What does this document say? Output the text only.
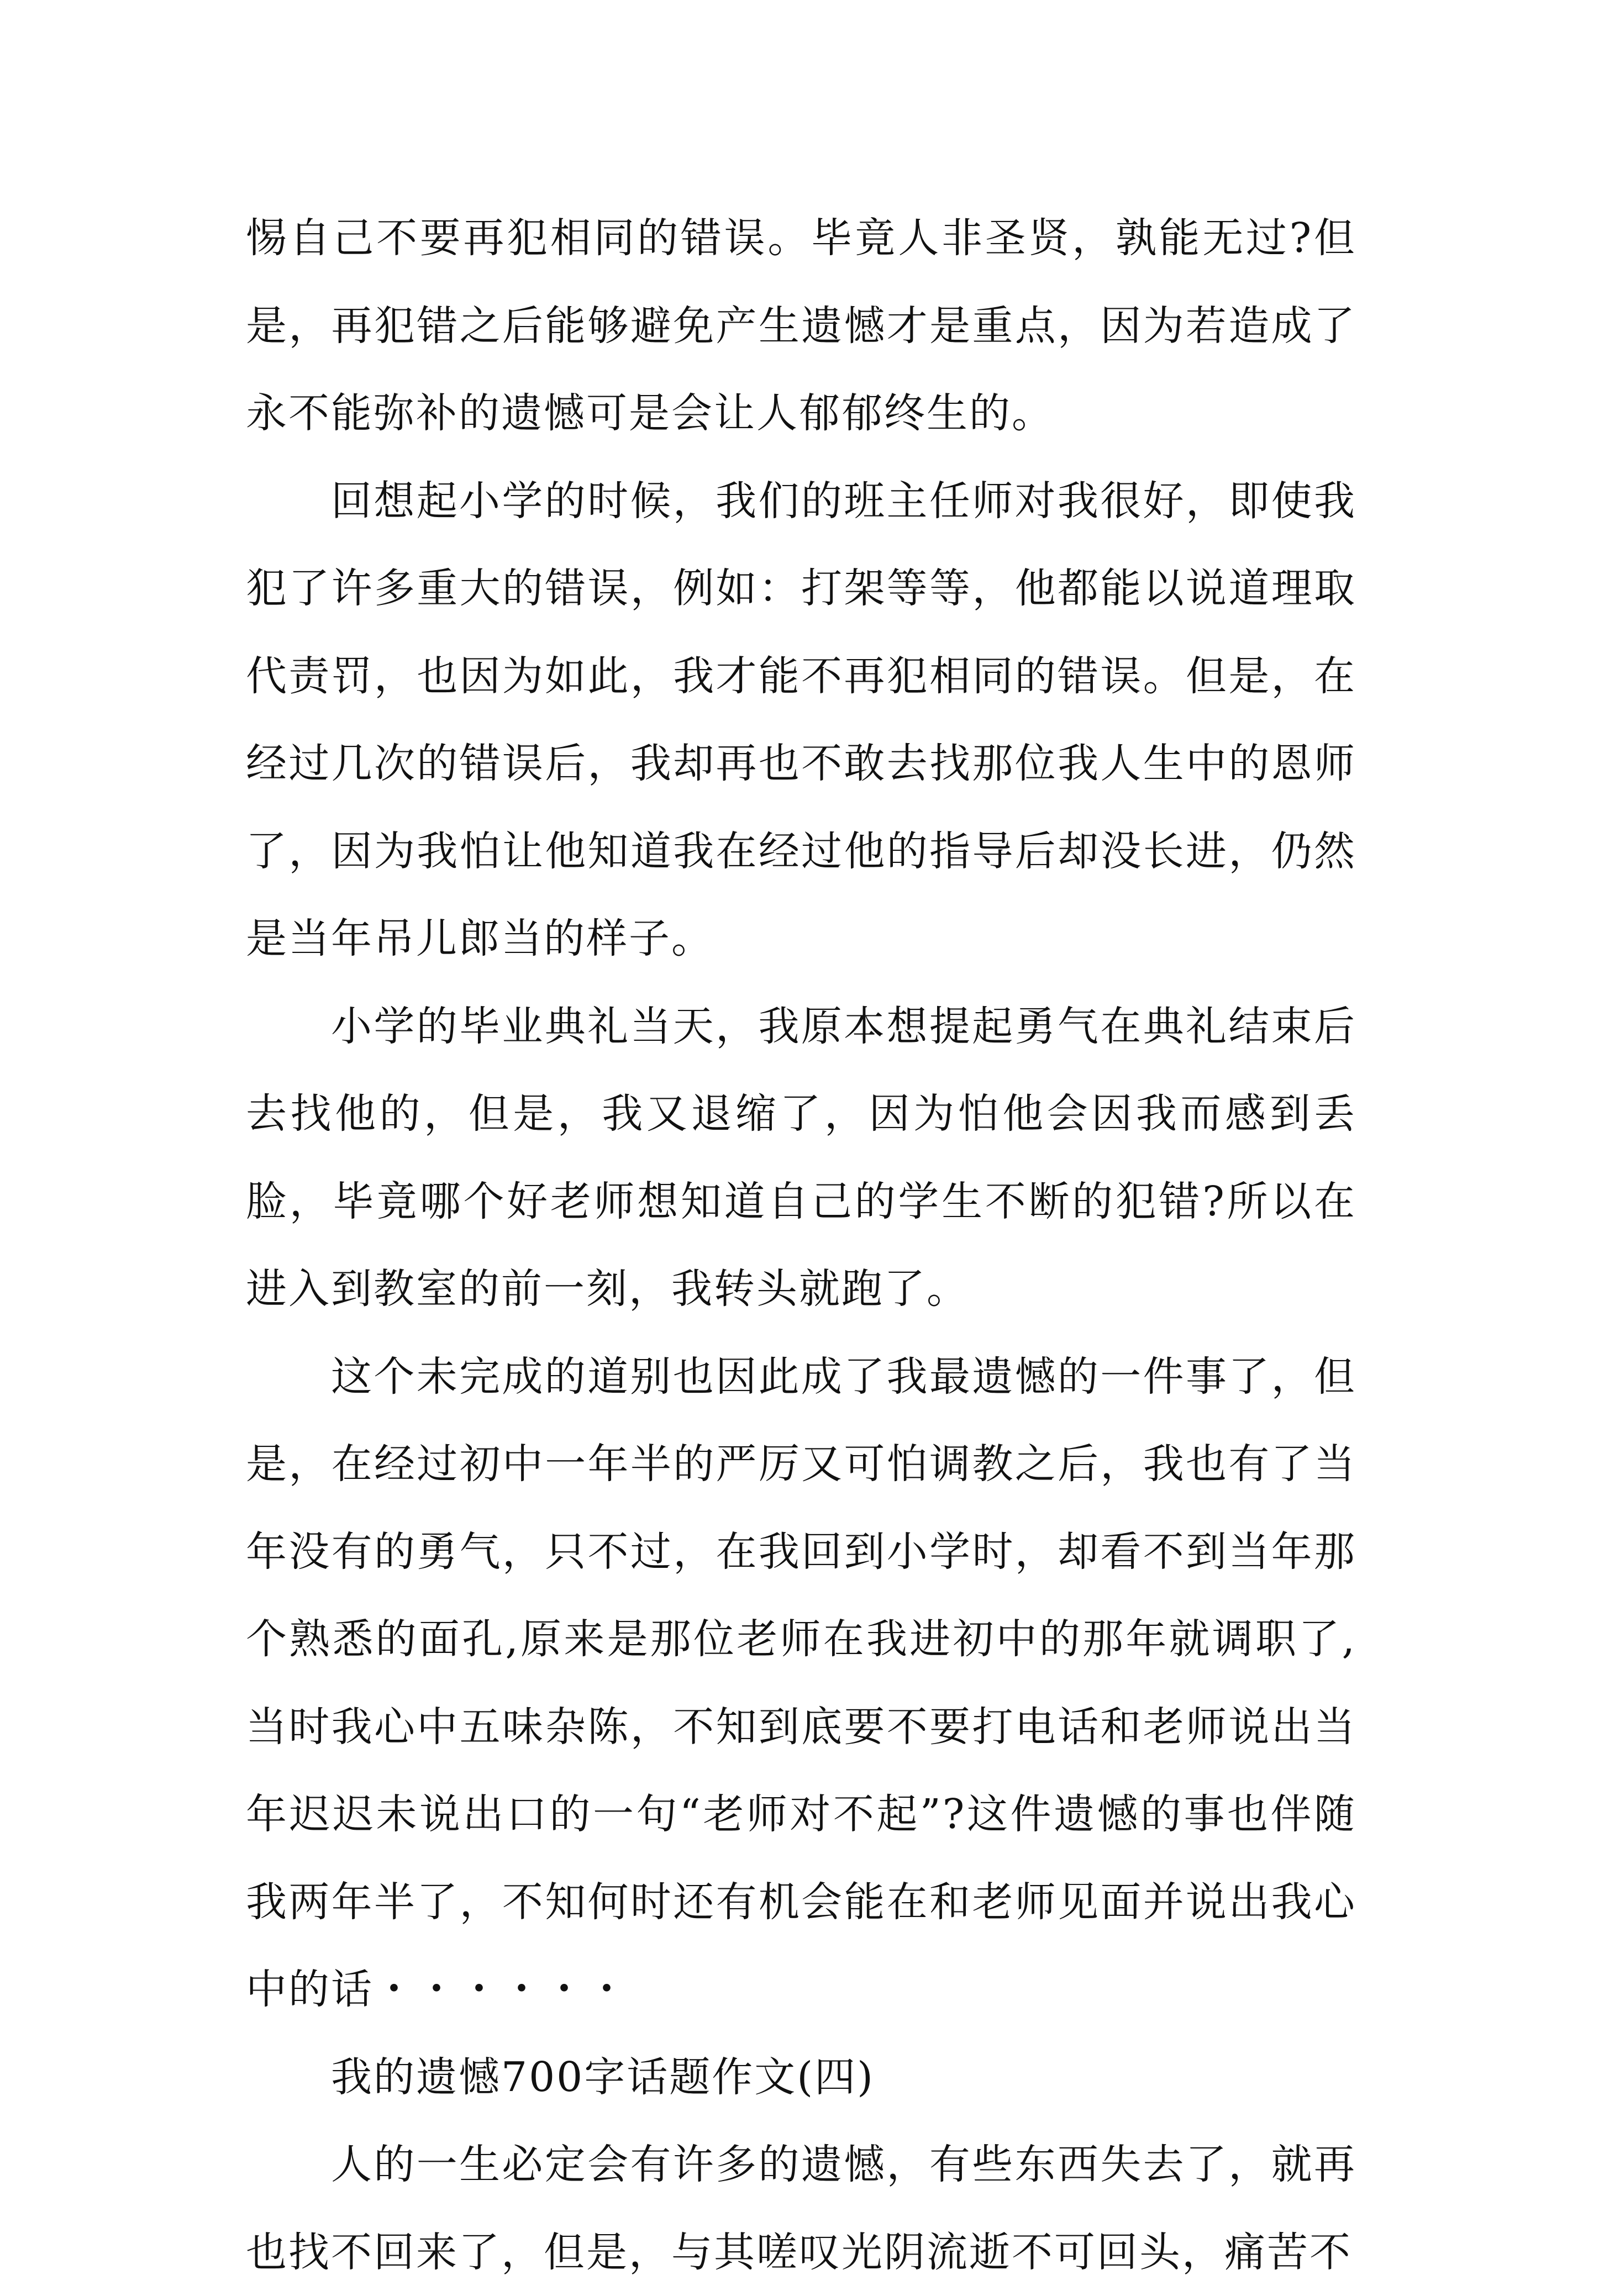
惕自己不要再犯相同的错误。毕竟人非圣贤，孰能无过?但是，再犯错之后能够避免产生遗憾才是重点，因为若造成了永不能弥补的遗憾可是会让人郁郁终生的。

回想起小学的时候，我们的班主任师对我很好，即使我犯了许多重大的错误，例如：打架等等，他都能以说道理取代责罚，也因为如此，我才能不再犯相同的错误。但是，在经过几次的错误后，我却再也不敢去找那位我人生中的恩师了，因为我怕让他知道我在经过他的指导后却没长进，仍然是当年吊儿郎当的样子。

小学的毕业典礼当天，我原本想提起勇气在典礼结束后去找他的，但是，我又退缩了，因为怕他会因我而感到丢脸，毕竟哪个好老师想知道自己的学生不断的犯错?所以在进入到教室的前一刻，我转头就跑了。

这个未完成的道别也因此成了我最遗憾的一件事了，但是，在经过初中一年半的严厉又可怕调教之后，我也有了当年没有的勇气，只不过，在我回到小学时，却看不到当年那个熟悉的面孔,原来是那位老师在我进初中的那年就调职了,当时我心中五味杂陈，不知到底要不要打电话和老师说出当年迟迟未说出口的一句“老师对不起”?这件遗憾的事也伴随我两年半了，不知何时还有机会能在和老师见面并说出我心中的话・・・・・・

我的遗憾700字话题作文(四)

人的一生必定会有许多的遗憾，有些东西失去了，就再也找不回来了，但是，与其嗟叹光阴流逝不可回头，痛苦不
